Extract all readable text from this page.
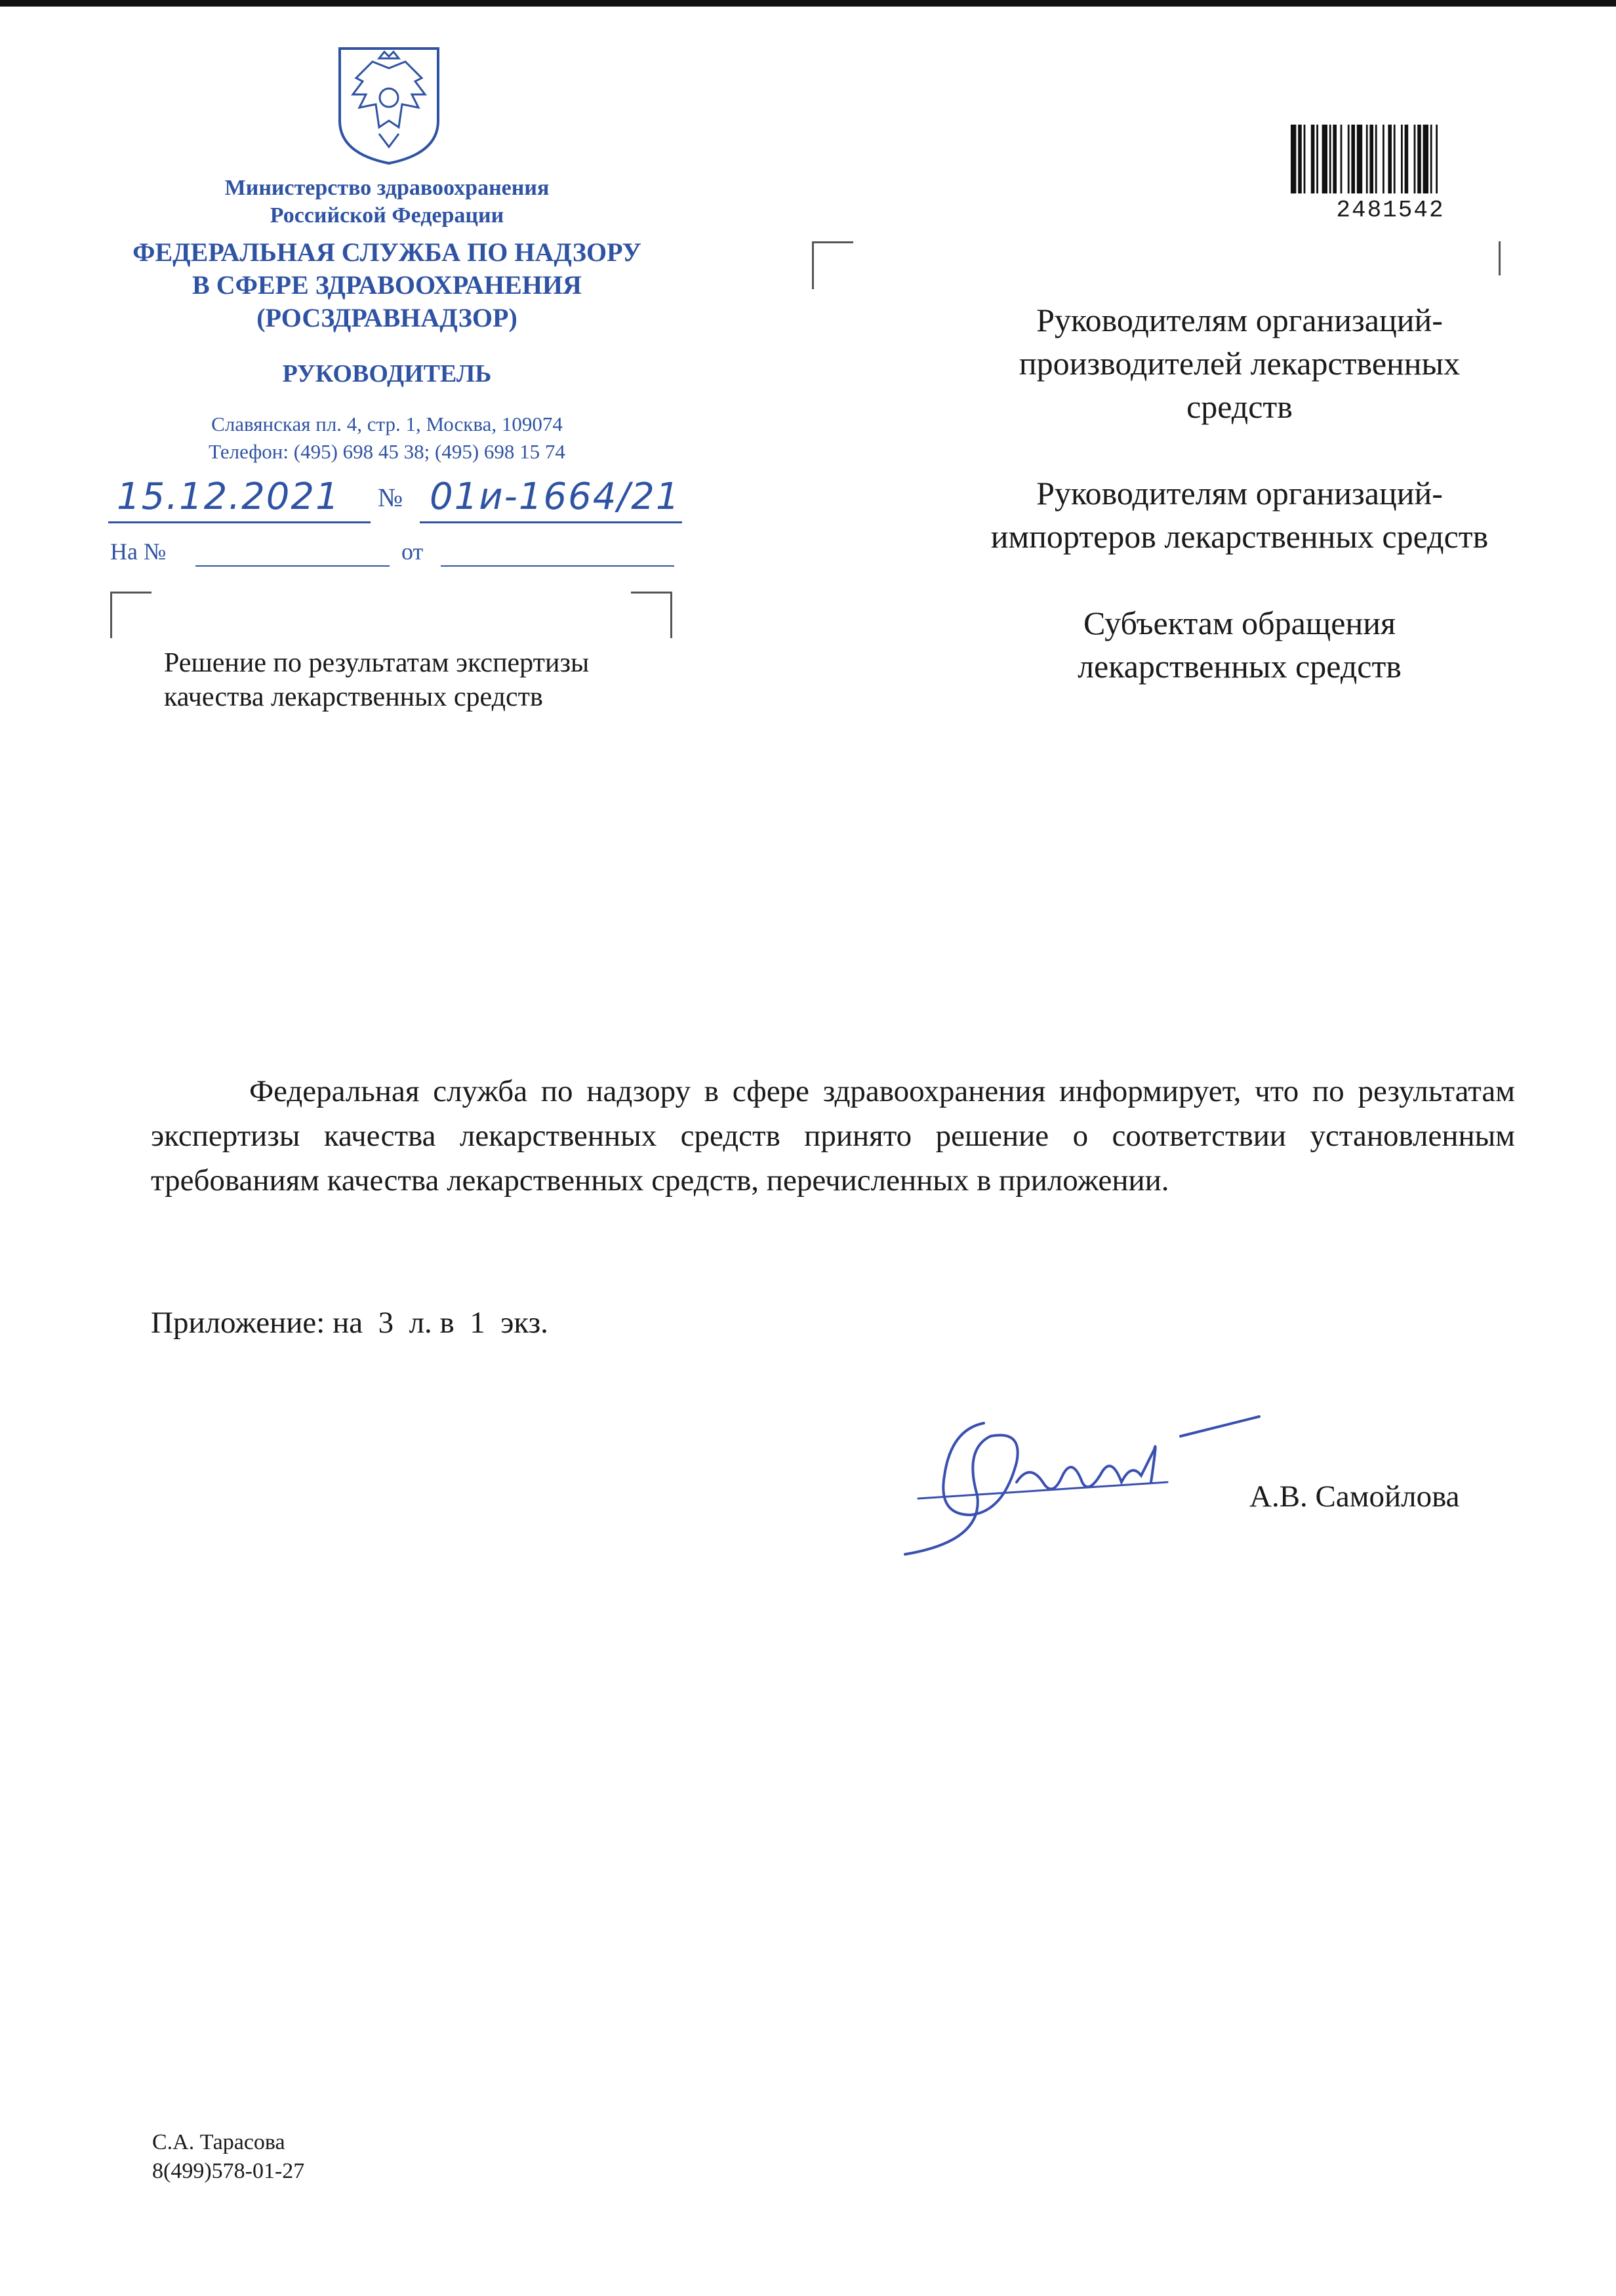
Министерство здравоохранения
Российской Федерации
ФЕДЕРАЛЬНАЯ СЛУЖБА ПО НАДЗОРУ
В СФЕРЕ ЗДРАВООХРАНЕНИЯ
(РОСЗДРАВНАДЗОР)
РУКОВОДИТЕЛЬ
Славянская пл. 4, стр. 1, Москва, 109074
Телефон: (495) 698 45 38; (495) 698 15 74
15.12.2021 № 01и-1664/21
На №	от
Решение по результатам экспертизы
качества лекарственных средств
2481542

Руководителям организаций-
производителей лекарственных
средств

Руководителям организаций-
импортеров лекарственных средств

Субъектам обращения
лекарственных средств

Федеральная служба по надзору в сфере здравоохранения информирует, что по результатам экспертизы качества лекарственных средств принято решение о соответствии установленным требованиям качества лекарственных средств, перечисленных в приложении.

Приложение: на  3  л. в  1  экз.
А.В. Самойлова
С.А. Тарасова
8(499)578-01-27
